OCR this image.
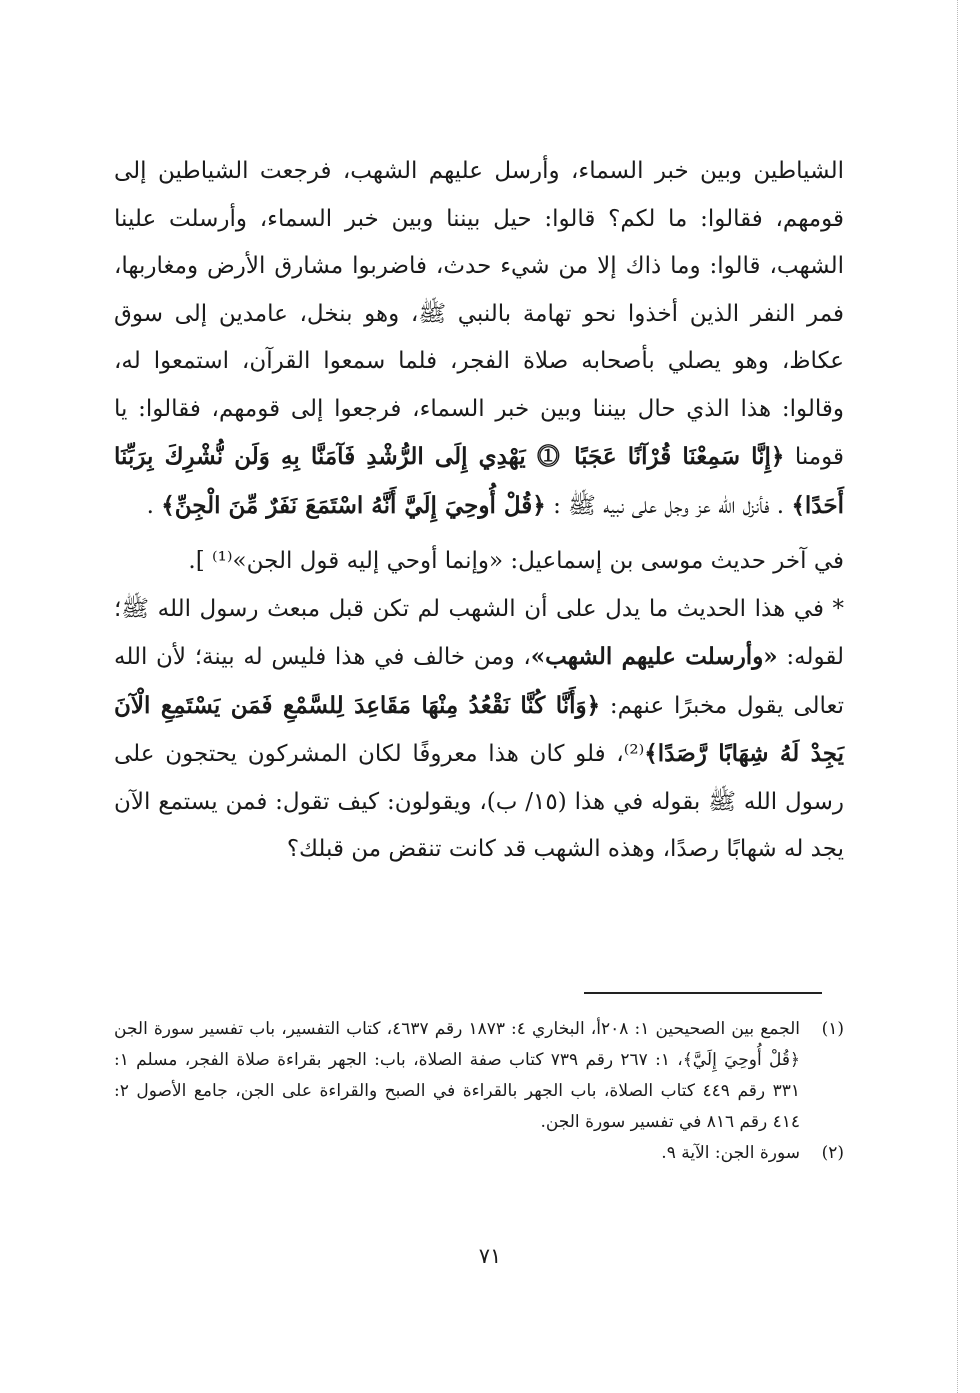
الشياطين وبين خبر السماء، وأرسل عليهم الشهب، فرجعت الشياطين إلى قومهم، فقالوا: ما لكم؟ قالوا: حيل بيننا وبين خبر السماء، وأرسلت علينا الشهب، قالوا: وما ذاك إلا من شيء حدث، فاضربوا مشارق الأرض ومغاربها، فمر النفر الذين أخذوا نحو تهامة بالنبي ﷺ، وهو بنخل، عامدين إلى سوق عكاظ، وهو يصلي بأصحابه صلاة الفجر، فلما سمعوا القرآن، استمعوا له، وقالوا: هذا الذي حال بيننا وبين خبر السماء، فرجعوا إلى قومهم، فقالوا: يا قومنا ﴿إِنَّا سَمِعْنَا قُرْآنًا عَجَبًا ⓵ يَهْدِي إِلَى الرُّشْدِ فَآمَنَّا بِهِ وَلَن نُّشْرِكَ بِرَبِّنَا أَحَدًا﴾ . فأنزل الله عز وجل على نبيه ﷺ : ﴿قُلْ أُوحِيَ إِلَيَّ أَنَّهُ اسْتَمَعَ نَفَرٌ مِّنَ الْجِنِّ﴾ .

في آخر حديث موسى بن إسماعيل: «وإنما أوحي إليه قول الجن»⁽¹⁾ ].

* في هذا الحديث ما يدل على أن الشهب لم تكن قبل مبعث رسول الله ﷺ؛ لقوله: «وأرسلت عليهم الشهب»، ومن خالف في هذا فليس له بينة؛ لأن الله تعالى يقول مخبرًا عنهم: ﴿وَأَنَّا كُنَّا نَقْعُدُ مِنْهَا مَقَاعِدَ لِلسَّمْعِ فَمَن يَسْتَمِعِ الْآنَ يَجِدْ لَهُ شِهَابًا رَّصَدًا﴾⁽²⁾، فلو كان هذا معروفًا لكان المشركون يحتجون على رسول الله ﷺ بقوله في هذا (١٥/ ب)، ويقولون: كيف تقول: فمن يستمع الآن يجد له شهابًا رصدًا، وهذه الشهب قد كانت تنقض من قبلك؟

(١)
الجمع بين الصحيحين ١: ٢٠٨أ، البخاري ٤: ١٨٧٣ رقم ٤٦٣٧، كتاب التفسير، باب تفسير سورة الجن ﴿قُلْ أُوحِيَ إِلَيَّ﴾، ١: ٢٦٧ رقم ٧٣٩ كتاب صفة الصلاة، باب: الجهر بقراءة صلاة الفجر، مسلم ١: ٣٣١ رقم ٤٤٩ كتاب الصلاة، باب الجهر بالقراءة في الصبح والقراءة على الجن، جامع الأصول ٢: ٤١٤ رقم ٨١٦ في تفسير سورة الجن.

(٢)
سورة الجن: الآية ٩.

٧١
